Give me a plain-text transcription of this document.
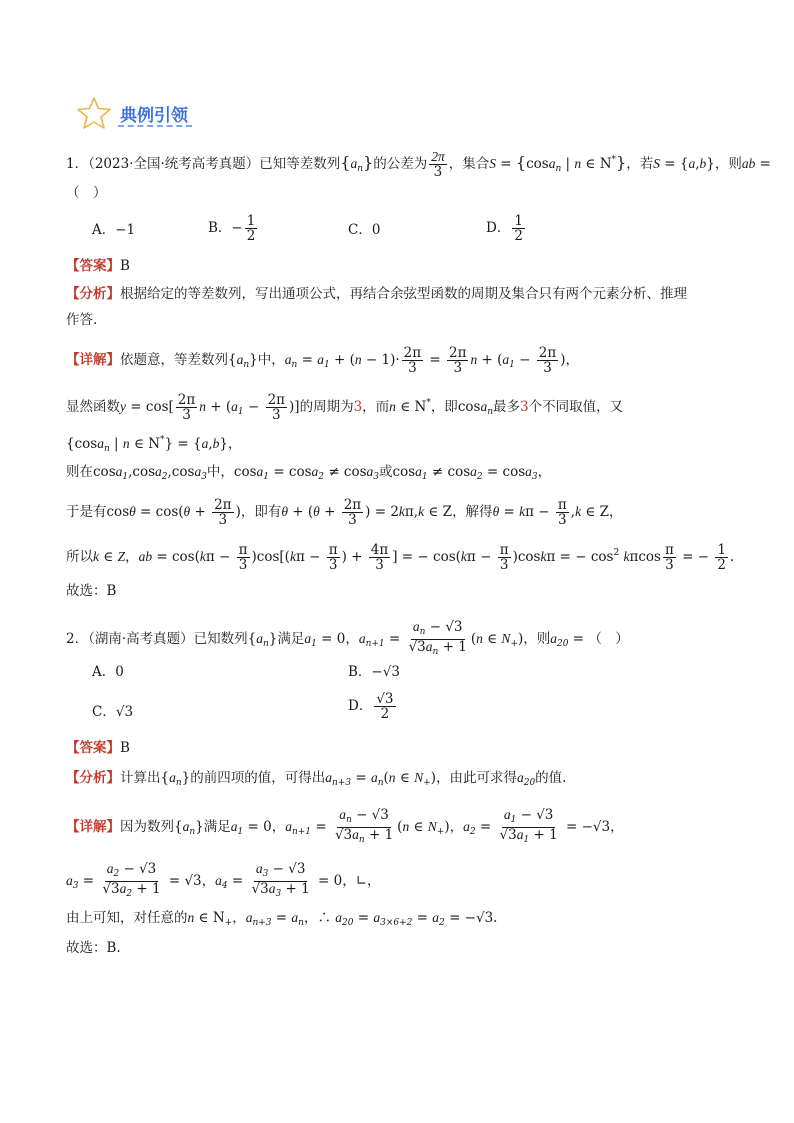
典例引领
1．（2023·全国·统考高考真题）已知等差数列$\{a_n\}$的公差为 $\frac{2\pi}{3}$ ，集合S = {cosa$_n$ | n ∈ N*}，若S = {a,b}，则ab =
（　）
A．−1	B．− $\frac{1}{2}$	C．0	D． $\frac{1}{2}$
【答案】B
【分析】根据给定的等差数列，写出通项公式，再结合余弦型函数的周期及集合只有两个元素分析、推理
作答.
【详解】依题意，等差数列$\{a_n\}$中，$a_n = a_1 + (n - 1)\cdot \frac{2\pi}{3} = \frac{2\pi}{3}$ $n + (a_1 - \frac{2\pi}{3}$ )，
显然函数$y = \cos[ \frac{2\pi}{3}$ $n + (a_1 - \frac{2\pi}{3}$ )]的周期为3，而n ∈ N*，即cosa$_n$最多3个不同取值，又
{cosa$_n$ | n ∈ N*} = {a,b}，
则在cosa$_1$,cosa$_2$,cosa$_3$中，cosa$_1$ = cosa$_2$ ≠ cosa$_3$或cosa$_1$ ≠ cosa$_2$ = cosa$_3$，
于是有$\cos\theta = \cos(\theta + \frac{2\pi}{3}$ )，即有$\theta + (\theta + \frac{2\pi}{3}$ ) = 2kπ,k ∈ Z，解得$\theta = k\pi - \frac{\pi}{3} ,k$ ∈ Z，
所以k ∈ Z，ab = $\cos(k\pi - \frac{\pi}{3} )\cos[(k\pi - \frac{\pi}{3}$ ) + $\frac{4\pi}{3}$ ] = − $\cos(k\pi - \frac{\pi}{3} )\cos k\pi$ = − $\cos^2 k\pi\cos \frac{\pi}{3}$ = − $\frac{1}{2}$ .
故选：B
2．（湖南·高考真题）已知数列$\{a_n\}$满足$a_1 = 0$，$a_{n+1} = \frac{a_n - √3}{√3a_n + 1} (n$ ∈ $N_+$)，则$a_{20}$ = （　）
A．0	B．−√3
C．√3	D． $\frac{√3}{2}$
【答案】B
【分析】计算出$\{a_n\}$的前四项的值，可得出$a_{n+3} = a_n(n$ ∈ $N_+$)，由此可求得$a_{20}$的值.
【详解】因为数列$\{a_n\}$满足$a_1 = 0$，$a_{n+1} = \frac{a_n - √3}{√3a_n + 1} (n$ ∈ $N_+$)，$a_2 = \frac{a_1 - √3}{√3a_1 + 1} = -√3$，
$a_3 = \frac{a_2 - √3}{√3a_2 + 1} = √3$，$a_4 = \frac{a_3 - √3}{√3a_3 + 1} = 0$，∟，
由上可知，对任意的n ∈ $N_+$，$a_{n+3} = a_n$，∴ $a_{20} = a_{3\times 6+2} = a_2 = -√3$.
故选：B.
